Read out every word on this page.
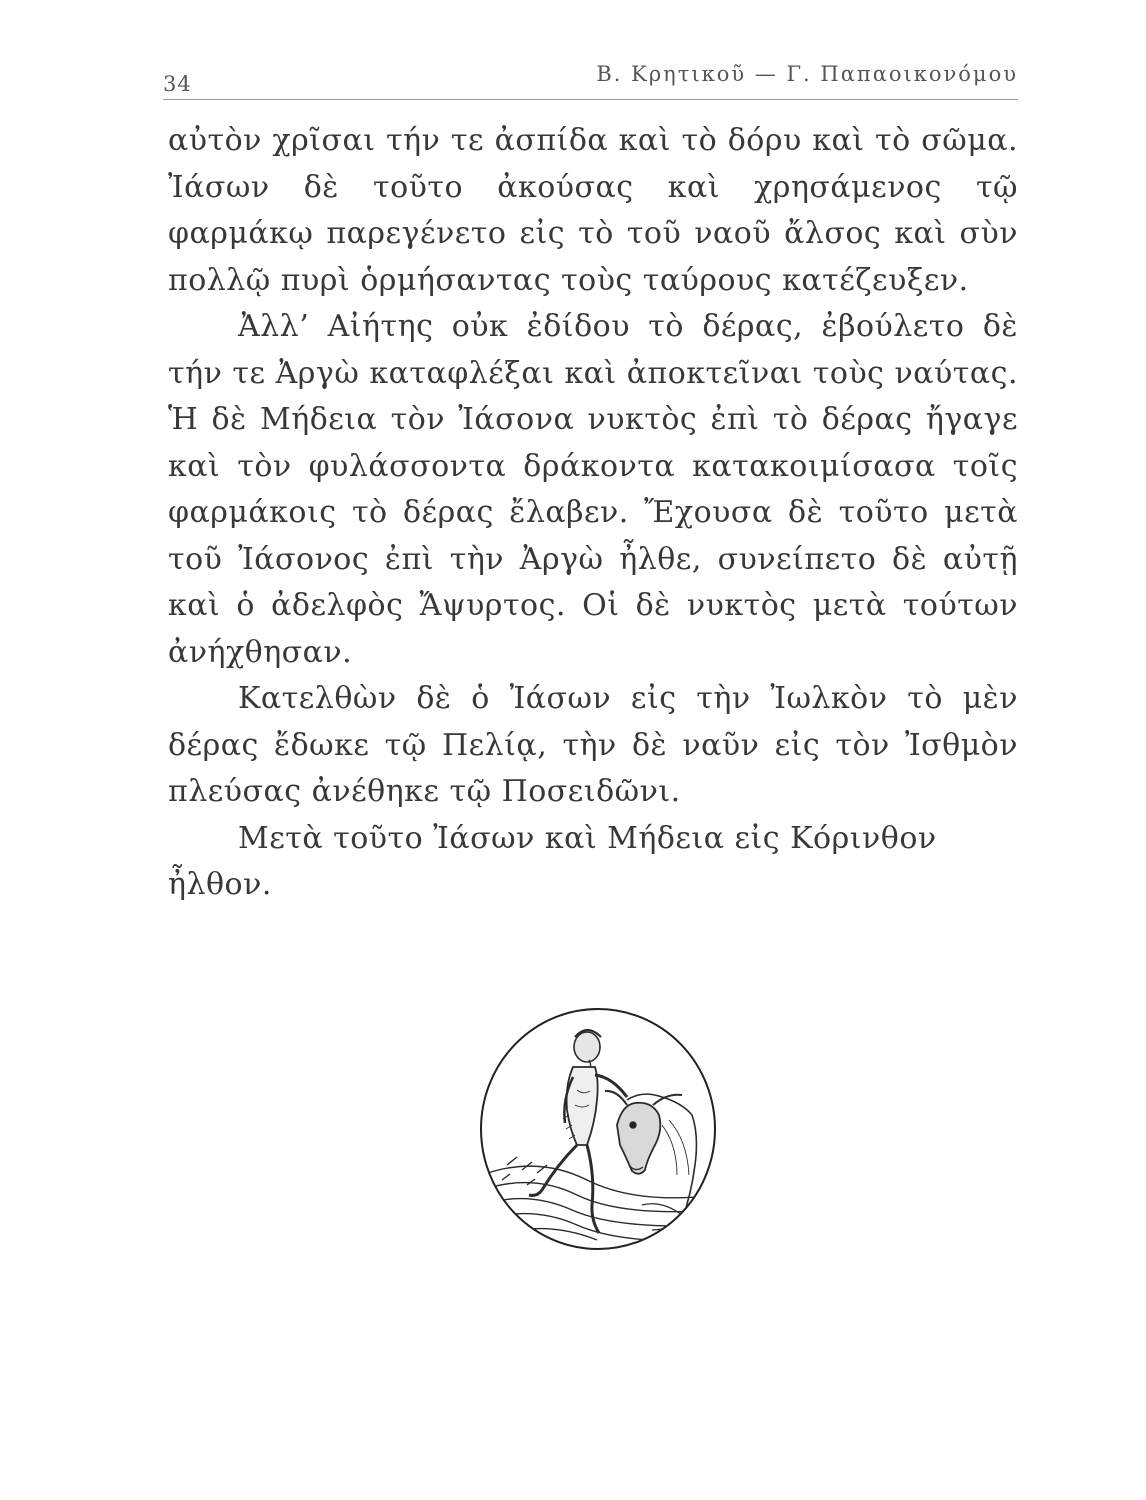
34	Β. Κρητικοῦ — Γ. Παπαοικονόμου

αὐτὸν χρῖσαι τήν τε ἀσπίδα καὶ τὸ δόρυ καὶ τὸ σῶμα. Ἰάσων δὲ τοῦτο ἀκούσας καὶ χρησάμενος τῷ φαρμάκῳ παρεγένετο εἰς τὸ τοῦ ναοῦ ἄλσος καὶ σὺν πολλῷ πυρὶ ὁρμήσαντας τοὺς ταύρους κατέζευξεν.

Ἀλλ’ Αἰήτης οὐκ ἐδίδου τὸ δέρας, ἐβούλετο δὲ τήν τε Ἀργὼ καταφλέξαι καὶ ἀποκτεῖναι τοὺς ναύτας. Ἡ δὲ Μήδεια τὸν Ἰάσονα νυκτὸς ἐπὶ τὸ δέρας ἤγαγε καὶ τὸν φυλάσσοντα δράκοντα κατακοιμίσασα τοῖς φαρμάκοις τὸ δέρας ἔλαβεν. Ἔχουσα δὲ τοῦτο μετὰ τοῦ Ἰάσονος ἐπὶ τὴν Ἀργὼ ἦλθε, συνείπετο δὲ αὐτῇ καὶ ὁ ἀδελφὸς Ἄψυρτος. Οἱ δὲ νυκτὸς μετὰ τούτων ἀνήχθησαν.

Κατελθὼν δὲ ὁ Ἰάσων εἰς τὴν Ἰωλκὸν τὸ μὲν δέρας ἔδωκε τῷ Πελίᾳ, τὴν δὲ ναῦν εἰς τὸν Ἰσθμὸν πλεύσας ἀνέθηκε τῷ Ποσειδῶνι.

Μετὰ τοῦτο Ἰάσων καὶ Μήδεια εἰς Κόρινθον ἦλθον.
